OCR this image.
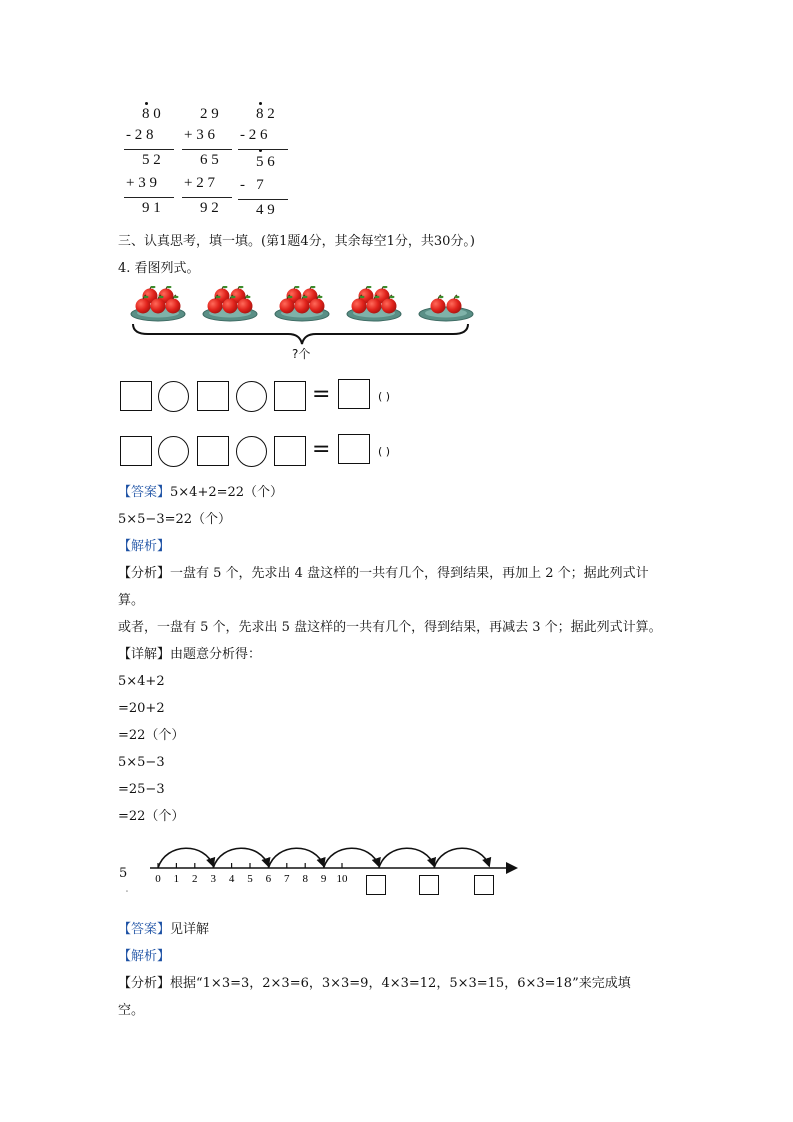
8 0
- 2 8
5 2
+ 3 9
9 1
2 9
+ 3 6
6 5
+ 2 7
9 2
8 2
- 2 6
5 6
-   7
4 9
三、认真思考，填一填。(第1题4分，其余每空1分，共30分。)
4. 看图列式。
?个
=	( )
=	( )
【答案】5×4+2=22（个）
5×5−3=22（个）
【解析】
【分析】一盘有 5 个，先求出 4 盘这样的一共有几个，得到结果，再加上 2 个；据此列式计
算。
或者，一盘有 5 个，先求出 5 盘这样的一共有几个，得到结果，再减去 3 个；据此列式计算。
【详解】由题意分析得：
5×4+2
=20+2
=22（个）
5×5−3
=25−3
=22（个）
5
ˌ
0 1 2 3 4 5 6 7 8 9 10
【答案】见详解
【解析】
【分析】根据“1×3=3，2×3=6，3×3=9，4×3=12，5×3=15，6×3=18”来完成填
空。
